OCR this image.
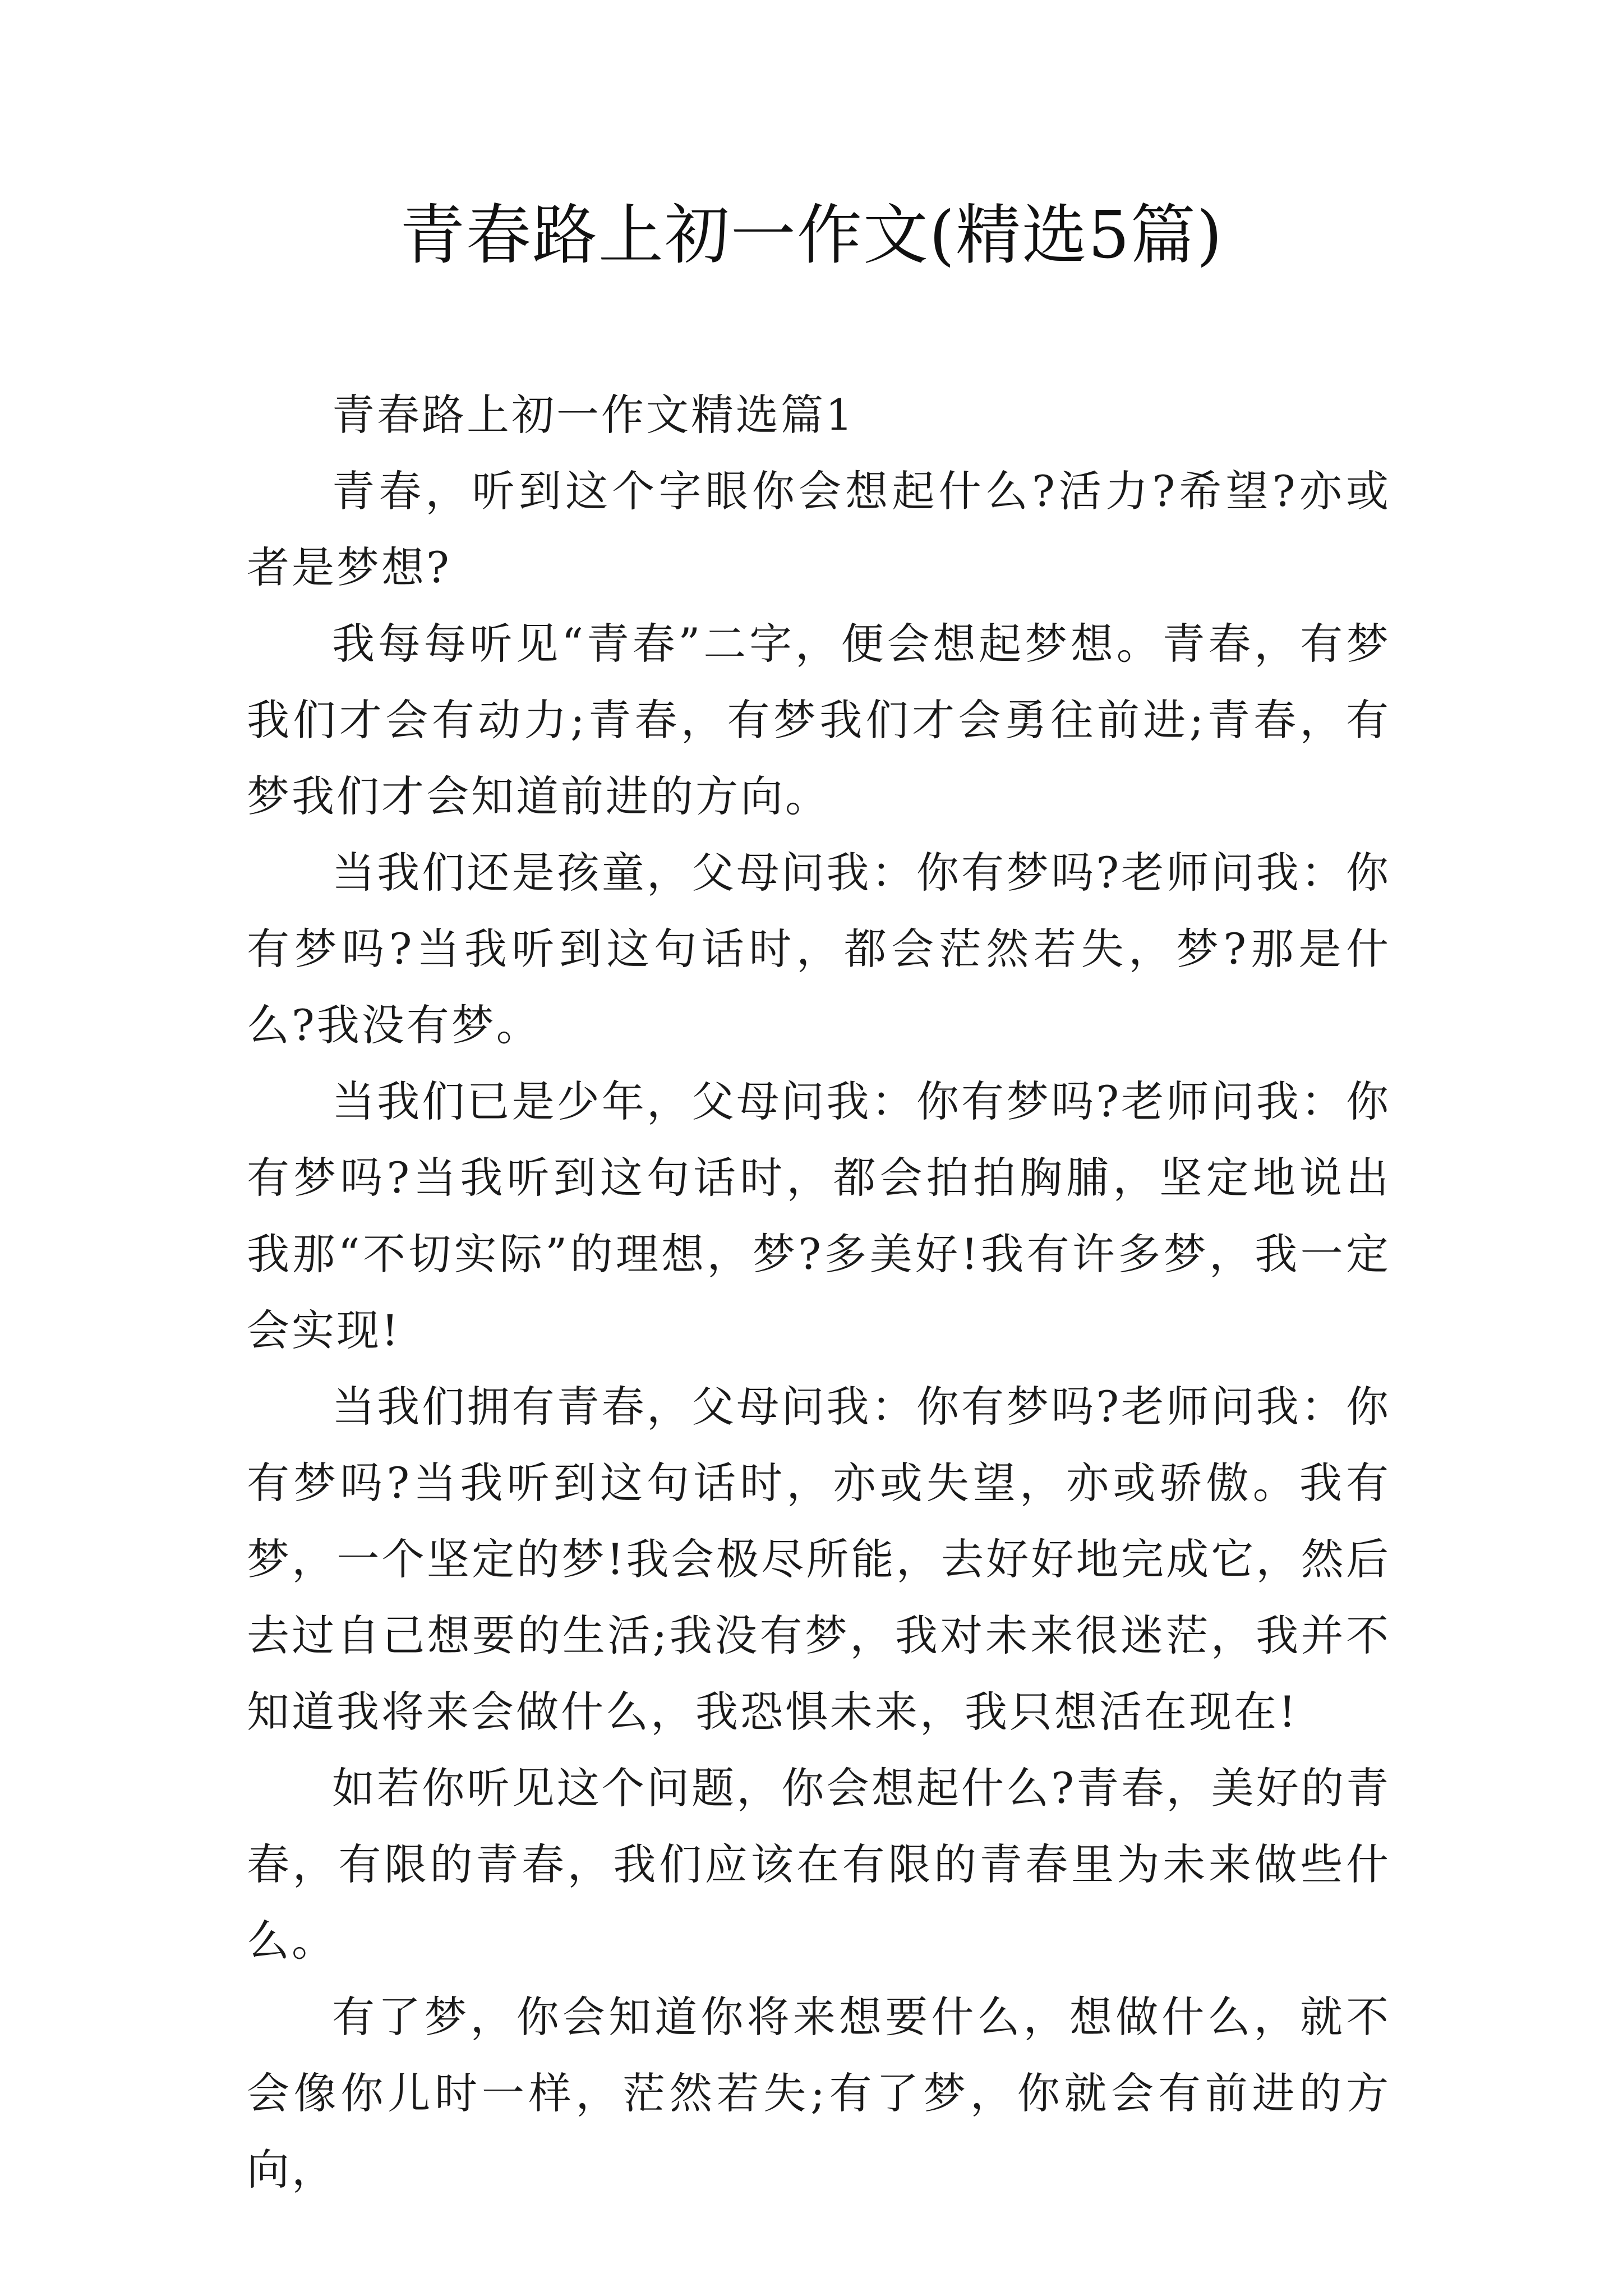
青春路上初一作文(精选5篇)

青春路上初一作文精选篇1

青春，听到这个字眼你会想起什么?活力?希望?亦或者是梦想?

我每每听见“青春”二字，便会想起梦想。青春，有梦我们才会有动力;青春，有梦我们才会勇往前进;青春，有梦我们才会知道前进的方向。

当我们还是孩童，父母问我：你有梦吗?老师问我：你有梦吗?当我听到这句话时，都会茫然若失，梦?那是什么?我没有梦。

当我们已是少年，父母问我：你有梦吗?老师问我：你有梦吗?当我听到这句话时，都会拍拍胸脯，坚定地说出我那“不切实际”的理想，梦?多美好!我有许多梦，我一定会实现!

当我们拥有青春，父母问我：你有梦吗?老师问我：你有梦吗?当我听到这句话时，亦或失望，亦或骄傲。我有梦，一个坚定的梦!我会极尽所能，去好好地完成它，然后去过自己想要的生活;我没有梦，我对未来很迷茫，我并不知道我将来会做什么，我恐惧未来，我只想活在现在!

如若你听见这个问题，你会想起什么?青春，美好的青春，有限的青春，我们应该在有限的青春里为未来做些什么。

有了梦，你会知道你将来想要什么，想做什么，就不会像你儿时一样，茫然若失;有了梦，你就会有前进的方向，
